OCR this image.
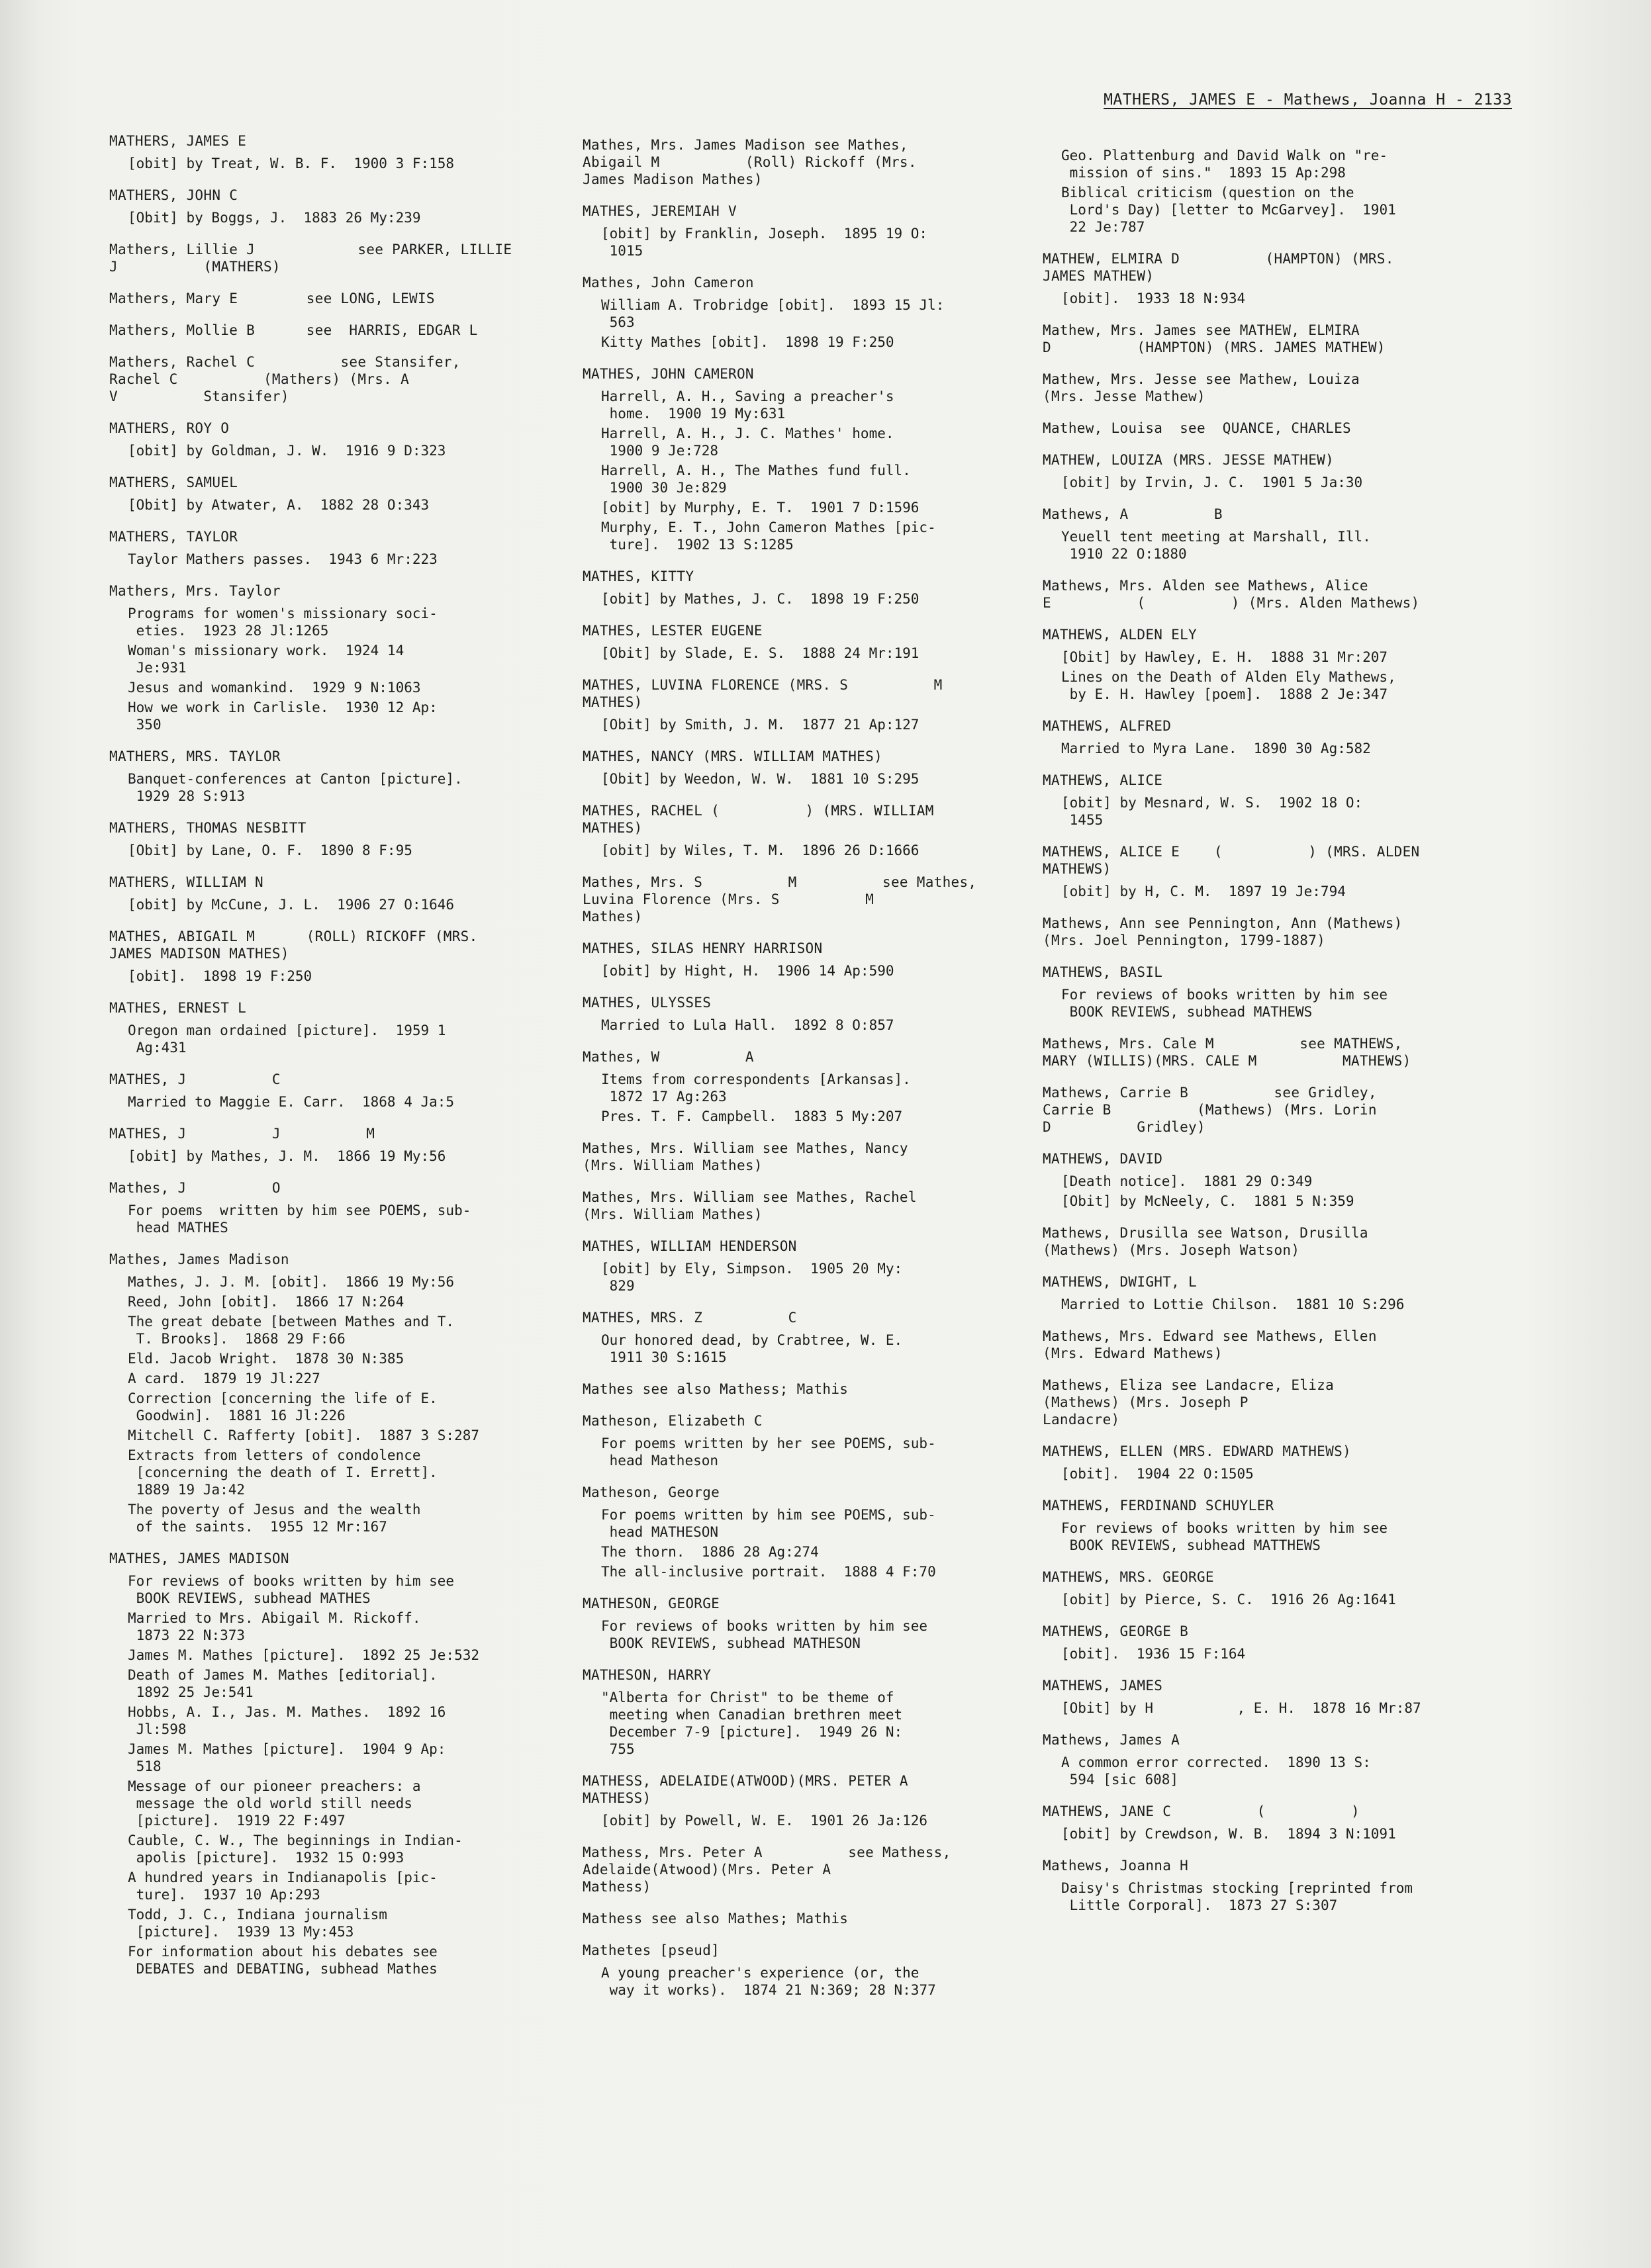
MATHERS, JAMES E - Mathews, Joanna H - 2133
MATHERS, JAMES E
[obit] by Treat, W. B. F.  1900 3 F:158
MATHERS, JOHN C
[Obit] by Boggs, J.  1883 26 My:239
Mathers, Lillie J            see PARKER, LILLIE
J          (MATHERS)
Mathers, Mary E        see LONG, LEWIS
Mathers, Mollie B      see  HARRIS, EDGAR L
Mathers, Rachel C          see Stansifer,
Rachel C          (Mathers) (Mrs. A
V          Stansifer)
MATHERS, ROY O
[obit] by Goldman, J. W.  1916 9 D:323
MATHERS, SAMUEL
[Obit] by Atwater, A.  1882 28 O:343
MATHERS, TAYLOR
Taylor Mathers passes.  1943 6 Mr:223
Mathers, Mrs. Taylor
Programs for women's missionary soci-
eties.  1923 28 Jl:1265
Woman's missionary work.  1924 14
Je:931
Jesus and womankind.  1929 9 N:1063
How we work in Carlisle.  1930 12 Ap:
350
MATHERS, MRS. TAYLOR
Banquet-conferences at Canton [picture].
1929 28 S:913
MATHERS, THOMAS NESBITT
[Obit] by Lane, O. F.  1890 8 F:95
MATHERS, WILLIAM N
[obit] by McCune, J. L.  1906 27 O:1646
MATHES, ABIGAIL M      (ROLL) RICKOFF (MRS.
JAMES MADISON MATHES)
[obit].  1898 19 F:250
MATHES, ERNEST L
Oregon man ordained [picture].  1959 1
Ag:431
MATHES, J          C
Married to Maggie E. Carr.  1868 4 Ja:5
MATHES, J          J          M
[obit] by Mathes, J. M.  1866 19 My:56
Mathes, J          O
For poems  written by him see POEMS, sub-
head MATHES
Mathes, James Madison
Mathes, J. J. M. [obit].  1866 19 My:56
Reed, John [obit].  1866 17 N:264
The great debate [between Mathes and T.
T. Brooks].  1868 29 F:66
Eld. Jacob Wright.  1878 30 N:385
A card.  1879 19 Jl:227
Correction [concerning the life of E.
Goodwin].  1881 16 Jl:226
Mitchell C. Rafferty [obit].  1887 3 S:287
Extracts from letters of condolence
[concerning the death of I. Errett].
1889 19 Ja:42
The poverty of Jesus and the wealth
of the saints.  1955 12 Mr:167
MATHES, JAMES MADISON
For reviews of books written by him see
BOOK REVIEWS, subhead MATHES
Married to Mrs. Abigail M. Rickoff.
1873 22 N:373
James M. Mathes [picture].  1892 25 Je:532
Death of James M. Mathes [editorial].
1892 25 Je:541
Hobbs, A. I., Jas. M. Mathes.  1892 16
Jl:598
James M. Mathes [picture].  1904 9 Ap:
518
Message of our pioneer preachers: a
message the old world still needs
[picture].  1919 22 F:497
Cauble, C. W., The beginnings in Indian-
apolis [picture].  1932 15 O:993
A hundred years in Indianapolis [pic-
ture].  1937 10 Ap:293
Todd, J. C., Indiana journalism
[picture].  1939 13 My:453
For information about his debates see
DEBATES and DEBATING, subhead Mathes
Mathes, Mrs. James Madison see Mathes,
Abigail M          (Roll) Rickoff (Mrs.
James Madison Mathes)
MATHES, JEREMIAH V
[obit] by Franklin, Joseph.  1895 19 O:
1015
Mathes, John Cameron
William A. Trobridge [obit].  1893 15 Jl:
563
Kitty Mathes [obit].  1898 19 F:250
MATHES, JOHN CAMERON
Harrell, A. H., Saving a preacher's
home.  1900 19 My:631
Harrell, A. H., J. C. Mathes' home.
1900 9 Je:728
Harrell, A. H., The Mathes fund full.
1900 30 Je:829
[obit] by Murphy, E. T.  1901 7 D:1596
Murphy, E. T., John Cameron Mathes [pic-
ture].  1902 13 S:1285
MATHES, KITTY
[obit] by Mathes, J. C.  1898 19 F:250
MATHES, LESTER EUGENE
[Obit] by Slade, E. S.  1888 24 Mr:191
MATHES, LUVINA FLORENCE (MRS. S          M
MATHES)
[Obit] by Smith, J. M.  1877 21 Ap:127
MATHES, NANCY (MRS. WILLIAM MATHES)
[Obit] by Weedon, W. W.  1881 10 S:295
MATHES, RACHEL (          ) (MRS. WILLIAM
MATHES)
[obit] by Wiles, T. M.  1896 26 D:1666
Mathes, Mrs. S          M          see Mathes,
Luvina Florence (Mrs. S          M
Mathes)
MATHES, SILAS HENRY HARRISON
[obit] by Hight, H.  1906 14 Ap:590
MATHES, ULYSSES
Married to Lula Hall.  1892 8 O:857
Mathes, W          A
Items from correspondents [Arkansas].
1872 17 Ag:263
Pres. T. F. Campbell.  1883 5 My:207
Mathes, Mrs. William see Mathes, Nancy
(Mrs. William Mathes)
Mathes, Mrs. William see Mathes, Rachel
(Mrs. William Mathes)
MATHES, WILLIAM HENDERSON
[obit] by Ely, Simpson.  1905 20 My:
829
MATHES, MRS. Z          C
Our honored dead, by Crabtree, W. E.
1911 30 S:1615
Mathes see also Mathess; Mathis
Matheson, Elizabeth C
For poems written by her see POEMS, sub-
head Matheson
Matheson, George
For poems written by him see POEMS, sub-
head MATHESON
The thorn.  1886 28 Ag:274
The all-inclusive portrait.  1888 4 F:70
MATHESON, GEORGE
For reviews of books written by him see
BOOK REVIEWS, subhead MATHESON
MATHESON, HARRY
"Alberta for Christ" to be theme of
meeting when Canadian brethren meet
December 7-9 [picture].  1949 26 N:
755
MATHESS, ADELAIDE(ATWOOD)(MRS. PETER A
MATHESS)
[obit] by Powell, W. E.  1901 26 Ja:126
Mathess, Mrs. Peter A          see Mathess,
Adelaide(Atwood)(Mrs. Peter A
Mathess)
Mathess see also Mathes; Mathis
Mathetes [pseud]
A young preacher's experience (or, the
way it works).  1874 21 N:369; 28 N:377
Geo. Plattenburg and David Walk on "re-
mission of sins."  1893 15 Ap:298
Biblical criticism (question on the
Lord's Day) [letter to McGarvey].  1901
22 Je:787
MATHEW, ELMIRA D          (HAMPTON) (MRS.
JAMES MATHEW)
[obit].  1933 18 N:934
Mathew, Mrs. James see MATHEW, ELMIRA
D          (HAMPTON) (MRS. JAMES MATHEW)
Mathew, Mrs. Jesse see Mathew, Louiza
(Mrs. Jesse Mathew)
Mathew, Louisa  see  QUANCE, CHARLES
MATHEW, LOUIZA (MRS. JESSE MATHEW)
[obit] by Irvin, J. C.  1901 5 Ja:30
Mathews, A          B
Yeuell tent meeting at Marshall, Ill.
1910 22 O:1880
Mathews, Mrs. Alden see Mathews, Alice
E          (          ) (Mrs. Alden Mathews)
MATHEWS, ALDEN ELY
[Obit] by Hawley, E. H.  1888 31 Mr:207
Lines on the Death of Alden Ely Mathews,
by E. H. Hawley [poem].  1888 2 Je:347
MATHEWS, ALFRED
Married to Myra Lane.  1890 30 Ag:582
MATHEWS, ALICE
[obit] by Mesnard, W. S.  1902 18 O:
1455
MATHEWS, ALICE E    (          ) (MRS. ALDEN
MATHEWS)
[obit] by H, C. M.  1897 19 Je:794
Mathews, Ann see Pennington, Ann (Mathews)
(Mrs. Joel Pennington, 1799-1887)
MATHEWS, BASIL
For reviews of books written by him see
BOOK REVIEWS, subhead MATHEWS
Mathews, Mrs. Cale M          see MATHEWS,
MARY (WILLIS)(MRS. CALE M          MATHEWS)
Mathews, Carrie B          see Gridley,
Carrie B          (Mathews) (Mrs. Lorin
D          Gridley)
MATHEWS, DAVID
[Death notice].  1881 29 O:349
[Obit] by McNeely, C.  1881 5 N:359
Mathews, Drusilla see Watson, Drusilla
(Mathews) (Mrs. Joseph Watson)
MATHEWS, DWIGHT, L
Married to Lottie Chilson.  1881 10 S:296
Mathews, Mrs. Edward see Mathews, Ellen
(Mrs. Edward Mathews)
Mathews, Eliza see Landacre, Eliza
(Mathews) (Mrs. Joseph P
Landacre)
MATHEWS, ELLEN (MRS. EDWARD MATHEWS)
[obit].  1904 22 O:1505
MATHEWS, FERDINAND SCHUYLER
For reviews of books written by him see
BOOK REVIEWS, subhead MATTHEWS
MATHEWS, MRS. GEORGE
[obit] by Pierce, S. C.  1916 26 Ag:1641
MATHEWS, GEORGE B
[obit].  1936 15 F:164
MATHEWS, JAMES
[Obit] by H          , E. H.  1878 16 Mr:87
Mathews, James A
A common error corrected.  1890 13 S:
594 [sic 608]
MATHEWS, JANE C          (          )
[obit] by Crewdson, W. B.  1894 3 N:1091
Mathews, Joanna H
Daisy's Christmas stocking [reprinted from
Little Corporal].  1873 27 S:307
